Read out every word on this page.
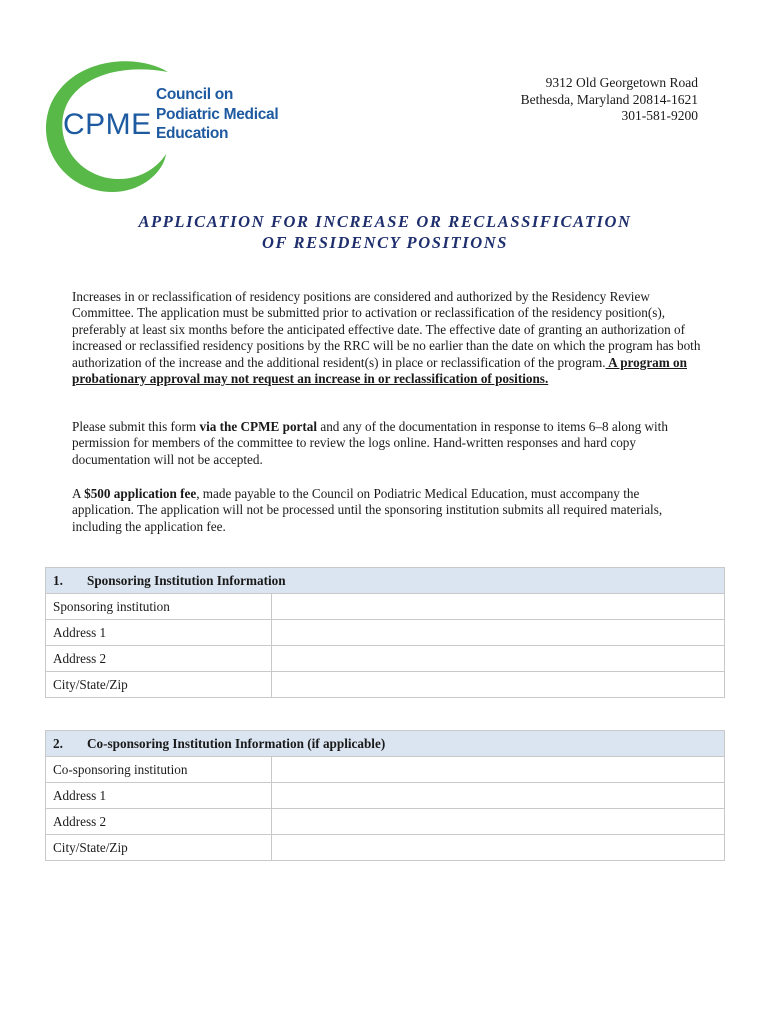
CPME
Council on
Podiatric Medical
Education
9312 Old Georgetown Road
Bethesda, Maryland 20814-1621
301-581-9200
APPLICATION FOR INCREASE OR RECLASSIFICATION
OF RESIDENCY POSITIONS
Increases in or reclassification of residency positions are considered and authorized by the Residency Review Committee. The application must be submitted prior to activation or reclassification of the residency position(s), preferably at least six months before the anticipated effective date. The effective date of granting an authorization of increased or reclassified residency positions by the RRC will be no earlier than the date on which the program has both authorization of the increase and the additional resident(s) in place or reclassification of the program. A program on probationary approval may not request an increase in or reclassification of positions.
Please submit this form via the CPME portal and any of the documentation in response to items 6–8 along with permission for members of the committee to review the logs online. Hand-written responses and hard copy documentation will not be accepted.
A $500 application fee, made payable to the Council on Podiatric Medical Education, must accompany the application. The application will not be processed until the sponsoring institution submits all required materials, including the application fee.
1. Sponsoring Institution Information	
Sponsoring institution	
Address 1	
Address 2	
City/State/Zip	
2. Co-sponsoring Institution Information (if applicable)	
Co-sponsoring institution	
Address 1	
Address 2	
City/State/Zip	
